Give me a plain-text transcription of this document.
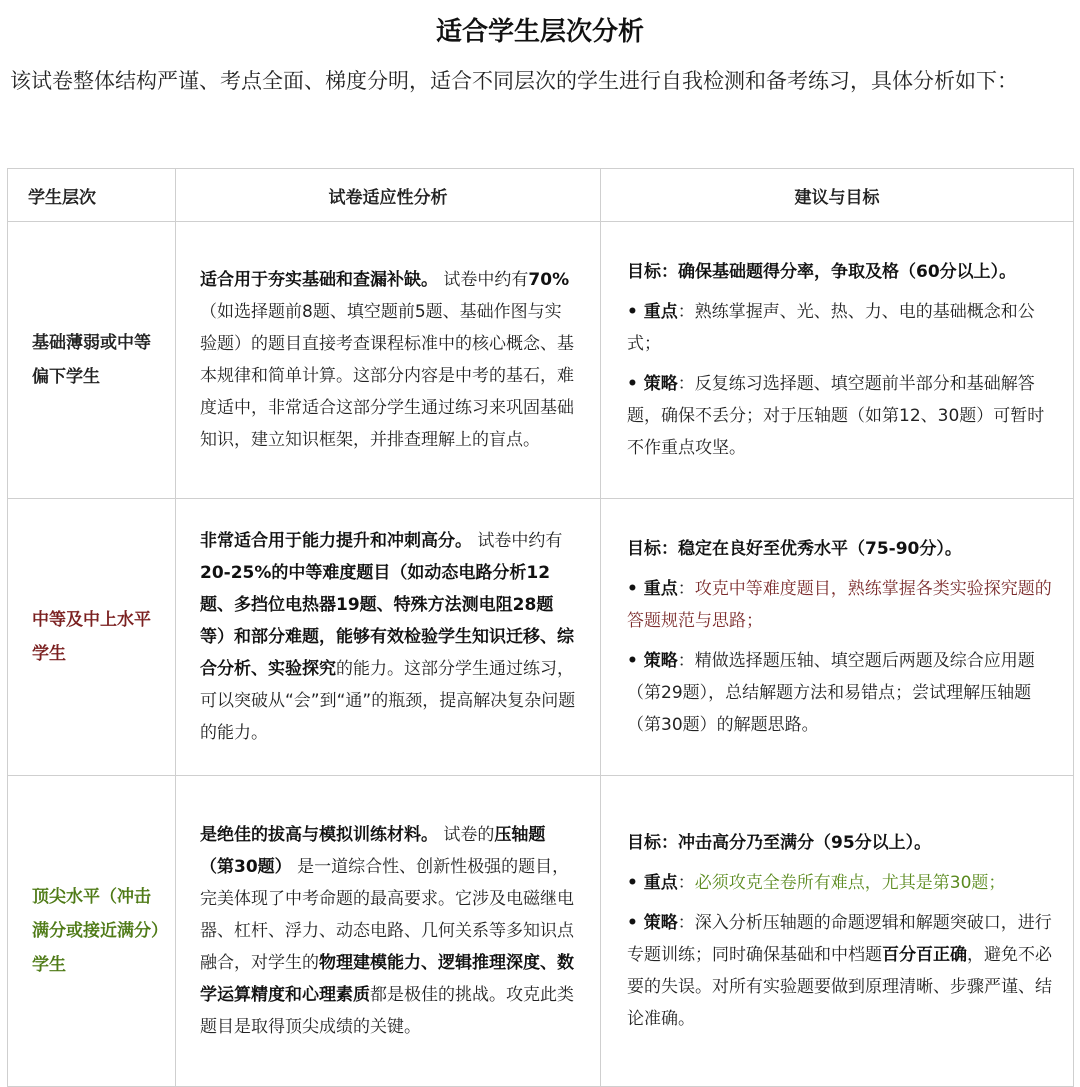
适合学生层次分析

该试卷整体结构严谨、考点全面、梯度分明，适合不同层次的学生进行自我检测和备考练习，具体分析如下：

学生层次	试卷适应性分析	建议与目标
基础薄弱或中等偏下学生	适合用于夯实基础和查漏补缺。 试卷中约有70%（如选择题前8题、填空题前5题、基础作图与实验题）的题目直接考查课程标准中的核心概念、基本规律和简单计算。这部分内容是中考的基石，难度适中，非常适合这部分学生通过练习来巩固基础知识，建立知识框架，并排查理解上的盲点。	目标：确保基础题得分率，争取及格（60分以上）。

• 重点：熟练掌握声、光、热、力、电的基础概念和公式；

• 策略：反复练习选择题、填空题前半部分和基础解答题，确保不丢分；对于压轴题（如第12、30题）可暂时不作重点攻坚。

中等及中上水平学生	非常适合用于能力提升和冲刺高分。 试卷中约有20-25%的中等难度题目（如动态电路分析12题、多挡位电热器19题、特殊方法测电阻28题等）和部分难题，能够有效检验学生知识迁移、综合分析、实验探究的能力。这部分学生通过练习，可以突破从“会”到“通”的瓶颈，提高解决复杂问题的能力。	目标：稳定在良好至优秀水平（75-90分）。

• 重点：攻克中等难度题目，熟练掌握各类实验探究题的答题规范与思路；

• 策略：精做选择题压轴、填空题后两题及综合应用题（第29题），总结解题方法和易错点；尝试理解压轴题（第30题）的解题思路。

顶尖水平（冲击满分或接近满分）学生	是绝佳的拔高与模拟训练材料。 试卷的压轴题（第30题） 是一道综合性、创新性极强的题目，完美体现了中考命题的最高要求。它涉及电磁继电器、杠杆、浮力、动态电路、几何关系等多知识点融合，对学生的物理建模能力、逻辑推理深度、数学运算精度和心理素质都是极佳的挑战。攻克此类题目是取得顶尖成绩的关键。	目标：冲击高分乃至满分（95分以上）。

• 重点：必须攻克全卷所有难点，尤其是第30题；

• 策略：深入分析压轴题的命题逻辑和解题突破口，进行专题训练；同时确保基础和中档题百分百正确，避免不必要的失误。对所有实验题要做到原理清晰、步骤严谨、结论准确。
